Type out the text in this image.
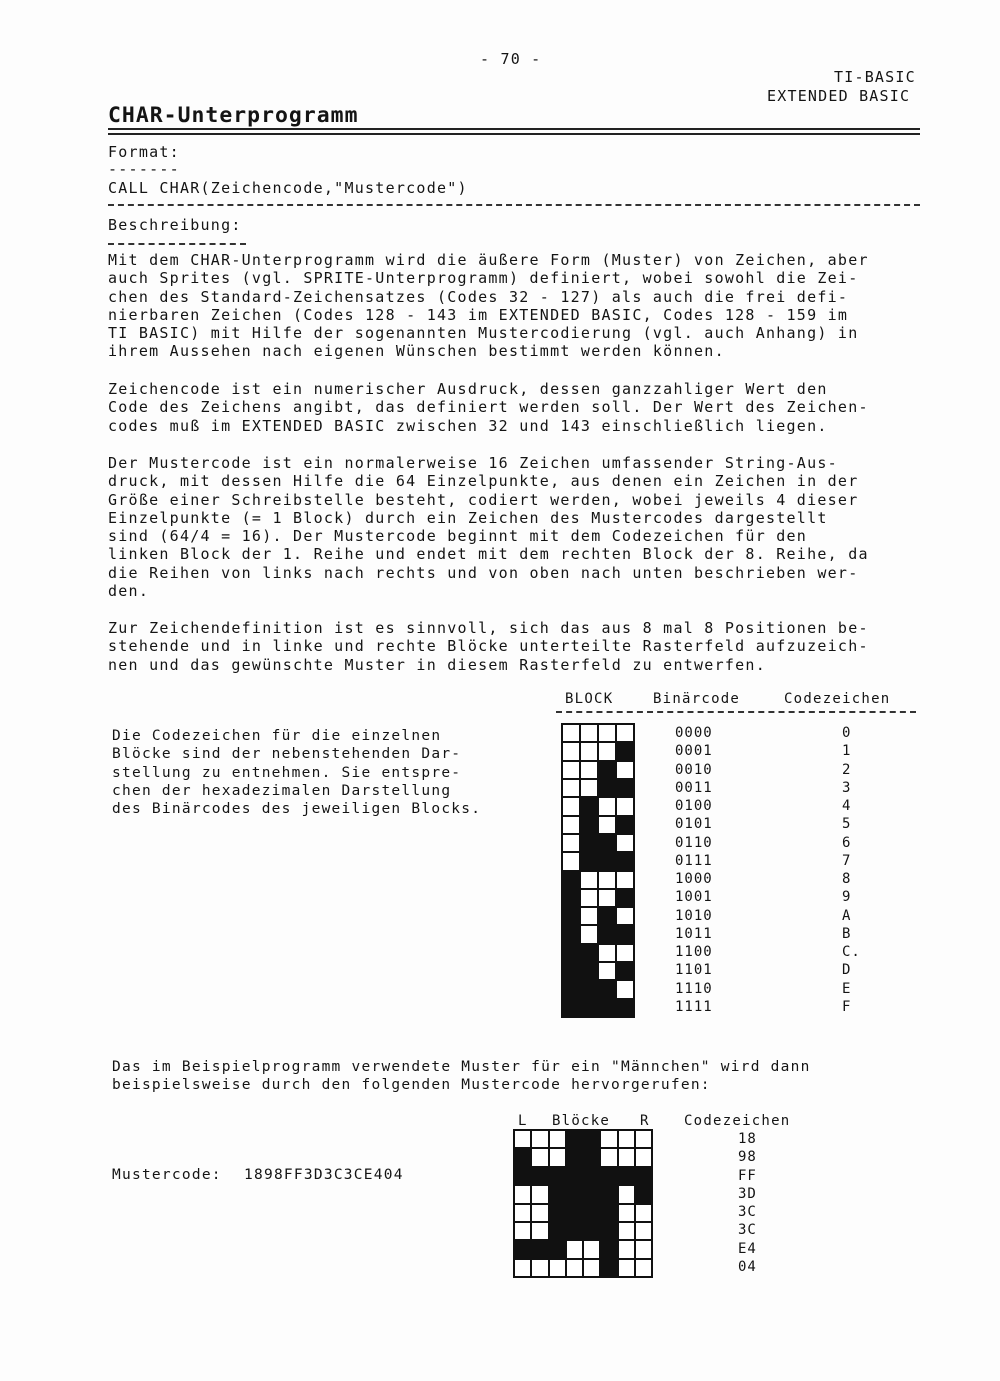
- 70 -
TI-BASIC
EXTENDED BASIC
CHAR-Unterprogramm
Format:
-------
CALL CHAR(Zeichencode,"Mustercode")
Beschreibung:
Mit dem CHAR-Unterprogramm wird die äußere Form (Muster) von Zeichen, aber
auch Sprites (vgl. SPRITE-Unterprogramm) definiert, wobei sowohl die Zei-
chen des Standard-Zeichensatzes (Codes 32 - 127) als auch die frei defi-
nierbaren Zeichen (Codes 128 - 143 im EXTENDED BASIC, Codes 128 - 159 im
TI BASIC) mit Hilfe der sogenannten Mustercodierung (vgl. auch Anhang) in
ihrem Aussehen nach eigenen Wünschen bestimmt werden können.
Zeichencode ist ein numerischer Ausdruck, dessen ganzzahliger Wert den
Code des Zeichens angibt, das definiert werden soll. Der Wert des Zeichen-
codes muß im EXTENDED BASIC zwischen 32 und 143 einschließlich liegen.
Der Mustercode ist ein normalerweise 16 Zeichen umfassender String-Aus-
druck, mit dessen Hilfe die 64 Einzelpunkte, aus denen ein Zeichen in der
Größe einer Schreibstelle besteht, codiert werden, wobei jeweils 4 dieser
Einzelpunkte (= 1 Block) durch ein Zeichen des Mustercodes dargestellt
sind (64/4 = 16). Der Mustercode beginnt mit dem Codezeichen für den
linken Block der 1. Reihe und endet mit dem rechten Block der 8. Reihe, da
die Reihen von links nach rechts und von oben nach unten beschrieben wer-
den.
Zur Zeichendefinition ist es sinnvoll, sich das aus 8 mal 8 Positionen be-
stehende und in linke und rechte Blöcke unterteilte Rasterfeld aufzuzeich-
nen und das gewünschte Muster in diesem Rasterfeld zu entwerfen.
BLOCK	Binärcode	Codezeichen
Die Codezeichen für die einzelnen
Blöcke sind der nebenstehenden Dar-
stellung zu entnehmen. Sie entspre-
chen der hexadezimalen Darstellung
des Binärcodes des jeweiligen Blocks.
0000
0001
0010
0011
0100
0101
0110
0111
1000
1001
1010
1011
1100
1101
1110
1111
0
1
2
3
4
5
6
7
8
9
A
B
C.
D
E
F
Das im Beispielprogramm verwendete Muster für ein "Männchen" wird dann
beispielsweise durch den folgenden Mustercode hervorgerufen:
L Blöcke R Codezeichen
18
98
FF
3D
3C
3C
E4
04
Mustercode: 1898FF3D3C3CE404
